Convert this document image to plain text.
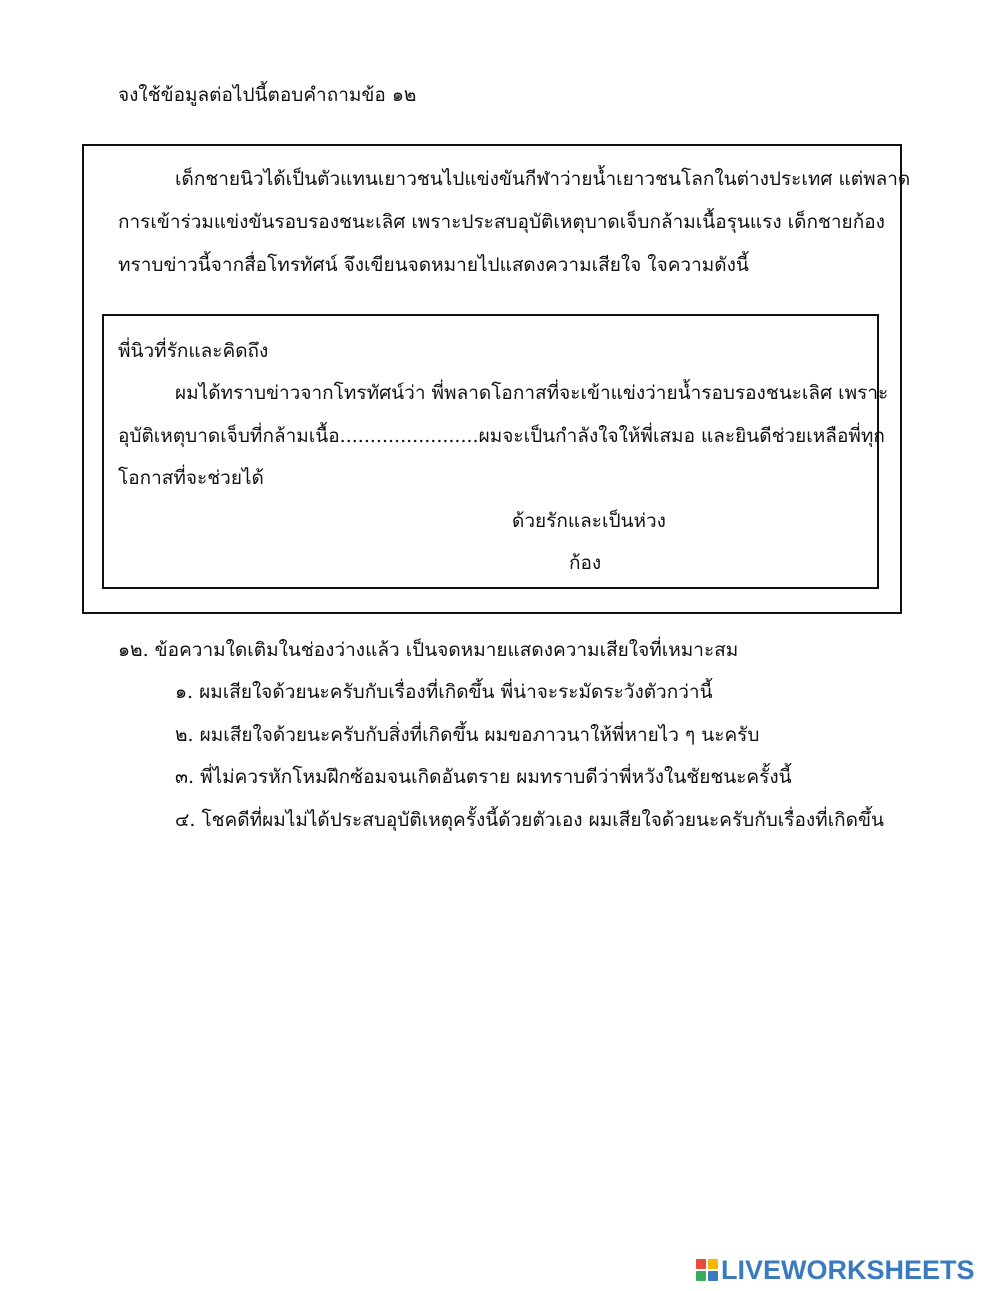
จงใช้ข้อมูลต่อไปนี้ตอบคำถามข้อ ๑๒
เด็กชายนิวได้เป็นตัวแทนเยาวชนไปแข่งขันกีฬาว่ายน้ำเยาวชนโลกในต่างประเทศ แต่พลาด
การเข้าร่วมแข่งขันรอบรองชนะเลิศ เพราะประสบอุบัติเหตุบาดเจ็บกล้ามเนื้อรุนแรง เด็กชายก้อง
ทราบข่าวนี้จากสื่อโทรทัศน์ จึงเขียนจดหมายไปแสดงความเสียใจ ใจความดังนี้
พี่นิวที่รักและคิดถึง
ผมได้ทราบข่าวจากโทรทัศน์ว่า พี่พลาดโอกาสที่จะเข้าแข่งว่ายน้ำรอบรองชนะเลิศ เพราะ
อุบัติเหตุบาดเจ็บที่กล้ามเนื้อ.......................ผมจะเป็นกำลังใจให้พี่เสมอ และยินดีช่วยเหลือพี่ทุก
โอกาสที่จะช่วยได้
ด้วยรักและเป็นห่วง
ก้อง
๑๒. ข้อความใดเติมในช่องว่างแล้ว เป็นจดหมายแสดงความเสียใจที่เหมาะสม
๑. ผมเสียใจด้วยนะครับกับเรื่องที่เกิดขึ้น พี่น่าจะระมัดระวังตัวกว่านี้
๒. ผมเสียใจด้วยนะครับกับสิ่งที่เกิดขึ้น ผมขอภาวนาให้พี่หายไว ๆ นะครับ
๓. พี่ไม่ควรหักโหมฝึกซ้อมจนเกิดอันตราย ผมทราบดีว่าพี่หวังในชัยชนะครั้งนี้
๔. โชคดีที่ผมไม่ได้ประสบอุบัติเหตุครั้งนี้ด้วยตัวเอง ผมเสียใจด้วยนะครับกับเรื่องที่เกิดขึ้น
LIVEWORKSHEETS
